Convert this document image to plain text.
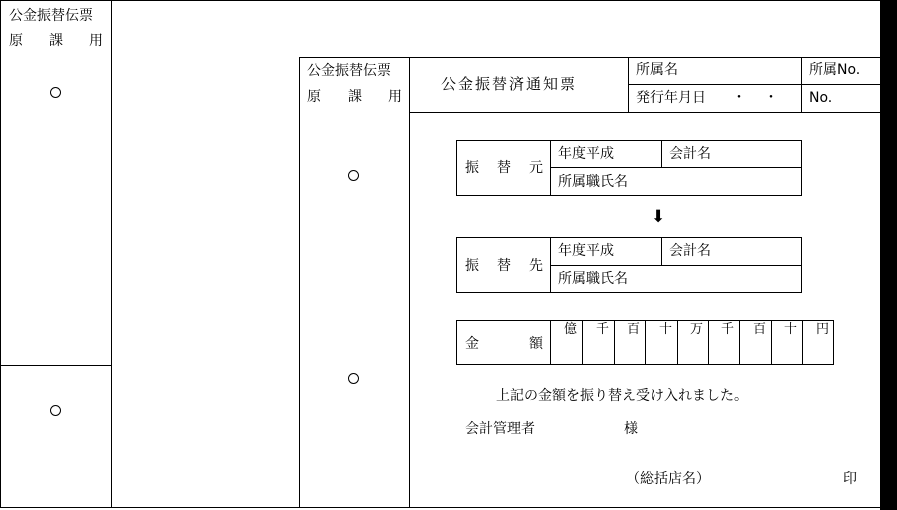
公金振替伝票
原 課 用
公金振替伝票
原 課 用
公金振替済通知票
所属名	所属No.
発行年月日 ・ ・ No.
振 替 元
年度平成	会計名
所属職氏名
⬇
振 替 先
年度平成	会計名
所属職氏名
金	額
億 千 百 十 万 千 百 十 円
上記の金額を振り替え受け入れました。
会計管理者	様
（総括店名）	印
